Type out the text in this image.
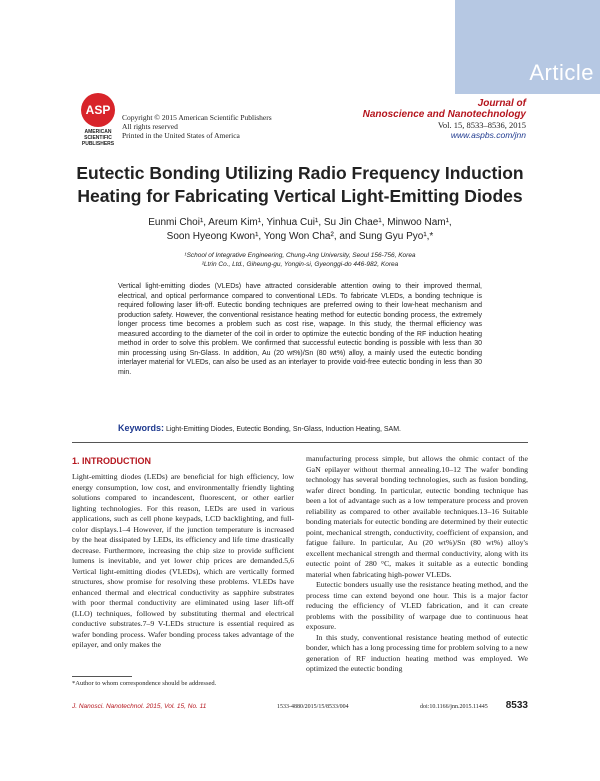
Article
ASP
AMERICAN
SCIENTIFIC
PUBLISHERS
Copyright © 2015 American Scientific Publishers
All rights reserved
Printed in the United States of America
Journal of
Nanoscience and Nanotechnology
Vol. 15, 8533–8536, 2015
www.aspbs.com/jnn
Eutectic Bonding Utilizing Radio Frequency Induction
Heating for Fabricating Vertical Light-Emitting Diodes
Eunmi Choi¹, Areum Kim¹, Yinhua Cui¹, Su Jin Chae¹, Minwoo Nam¹,
Soon Hyeong Kwon¹, Yong Won Cha², and Sung Gyu Pyo¹,*
¹School of Integrative Engineering, Chung-Ang University, Seoul 156-756, Korea
²Ltrin Co., Ltd., Giheung-gu, Yongin-si, Gyeonggi-do 446-982, Korea
Vertical light-emitting diodes (VLEDs) have attracted considerable attention owing to their improved thermal, electrical, and optical performance compared to conventional LEDs. To fabricate VLEDs, a bonding technique is required following laser lift-off. Eutectic bonding techniques are preferred owing to their low-heat mechanism and production safety. However, the conventional resistance heating method for eutectic bonding process, the extremely longer process time becomes a problem such as cost rise, wapage. In this study, the thermal efficiency was measured according to the diameter of the coil in order to optimize the eutectic bonding of the RF induction heating method in order to solve this problem. We confirmed that successful eutectic bonding is possible with less than 30 min processing using Sn-Glass. In addition, Au (20 wt%)/Sn (80 wt%) alloy, a mainly used the eutectic bonding interlayer material for VLEDs, can also be used as an interlayer to provide void-free eutectic bonding in less than 30 min.
Keywords: Light-Emitting Diodes, Eutectic Bonding, Sn-Glass, Induction Heating, SAM.
1. INTRODUCTION

Light-emitting diodes (LEDs) are beneficial for high efficiency, low energy consumption, low cost, and environmentally friendly lighting solutions compared to incandescent, fluorescent, or other earlier lighting technologies. For this reason, LEDs are used in various applications, such as cell phone keypads, LCD backlighting, and full-color displays.1–4 However, if the junction temperature is increased by the heat dissipated by LEDs, its efficiency and life time drastically decrease. Furthermore, increasing the chip size to provide sufficient lumens is inevitable, and yet lower chip prices are demanded.5,6 Vertical light-emitting diodes (VLEDs), which are vertically formed structures, show promise for resolving these problems. VLEDs have enhanced thermal and electrical conductivity as sapphire substrates with poor thermal conductivity are eliminated using laser lift-off (LLO) techniques, followed by substituting thermal and electrical conductive substrates.7–9 V-LEDs structure is essential required as wafer bonding process. Wafer bonding process takes advantage of the epilayer, and only makes the

manufacturing process simple, but allows the ohmic contact of the GaN epilayer without thermal annealing.10–12 The wafer bonding technology has several bonding technologies, such as fusion bonding, wafer direct bonding. In particular, eutectic bonding technique has been a lot of advantage such as a low temperature process and proven reliability as compared to other available techniques.13–16 Suitable bonding materials for eutectic bonding are determined by their eutectic point, mechanical strength, conductivity, coefficient of expansion, and fatigue failure. In particular, Au (20 wt%)/Sn (80 wt%) alloy's excellent mechanical strength and thermal conductivity, along with its eutectic point of 280 °C, makes it suitable as a eutectic bonding material when fabricating high-power VLEDs.

Eutectic bonders usually use the resistance heating method, and the process time can extend beyond one hour. This is a major factor reducing the efficiency of VLED fabrication, and it can create problems with the possibility of warpage due to continuous heat exposure.

In this study, conventional resistance heating method of eutectic bonder, which has a long processing time for problem solving to a new generation of RF induction heating method was employed. We optimized the eutectic bonding

*Author to whom correspondence should be addressed.
J. Nanosci. Nanotechnol. 2015, Vol. 15, No. 11	1533-4880/2015/15/8533/004	doi:10.1166/jnn.2015.11445 8533
